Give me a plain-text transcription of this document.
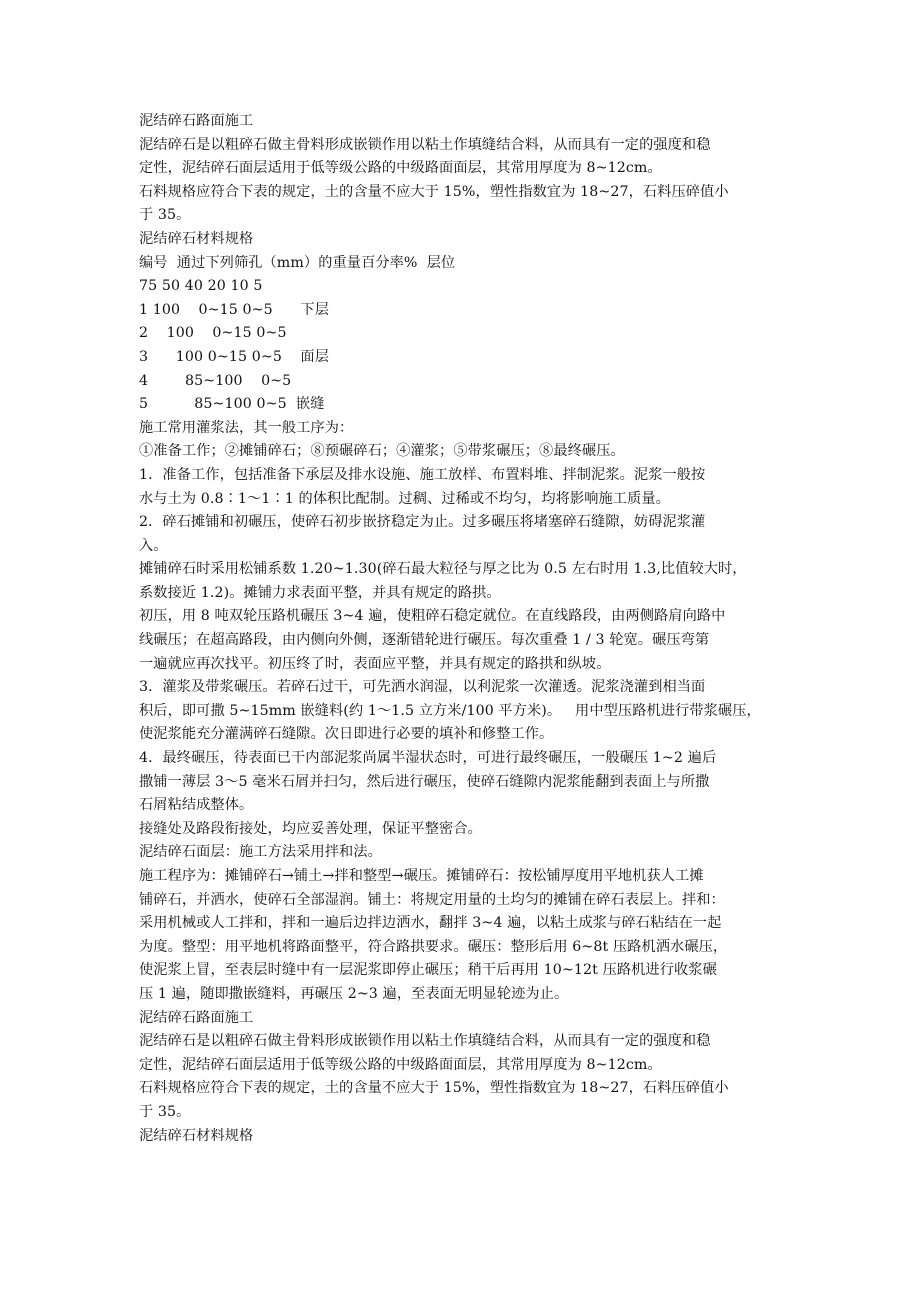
泥结碎石路面施工
泥结碎石是以粗碎石做主骨料形成嵌锁作用以粘土作填缝结合料，从而具有一定的强度和稳
定性，泥结碎石面层适用于低等级公路的中级路面面层，其常用厚度为 8~12cm。
石料规格应符合下表的规定，土的含量不应大于 15%，塑性指数宜为 18~27，石料压碎值小
于 35。
泥结碎石材料规格
编号  通过下列筛孔（mm）的重量百分率%  层位
75 50 40 20 10 5
1 100    0~15 0~5      下层
2    100    0~15 0~5
3      100 0~15 0~5    面层
4        85~100    0~5
5          85~100 0~5  嵌缝
施工常用灌浆法，其一般工序为：
①准备工作；②摊铺碎石；⑧预碾碎石；④灌浆；⑤带浆碾压；⑧最终碾压。
1．准备工作，包括准备下承层及排水设施、施工放样、布置料堆、拌制泥浆。泥浆一般按
水与土为 0.8∶1～1∶1 的体积比配制。过稠、过稀或不均匀，均将影响施工质量。
2．碎石摊铺和初碾压，使碎石初步嵌挤稳定为止。过多碾压将堵塞碎石缝隙，妨碍泥浆灌
入。
摊铺碎石时采用松铺系数 1.20~1.30(碎石最大粒径与厚之比为 0.5 左右时用 1.3,比值较大时，
系数接近 1.2)。摊铺力求表面平整，并具有规定的路拱。
初压，用 8 吨双轮压路机碾压 3~4 遍，使粗碎石稳定就位。在直线路段，由两侧路肩向路中
线碾压；在超高路段，由内侧向外侧，逐渐错轮进行碾压。每次重叠 1 / 3 轮宽。碾压弯第
一遍就应再次找平。初压终了时，表面应平整，并具有规定的路拱和纵坡。
3．灌浆及带浆碾压。若碎石过干，可先洒水润湿，以利泥浆一次灌透。泥浆浇灌到相当面
积后，即可撒 5~15mm 嵌缝料(约 1～1.5 立方米/100 平方米)。   用中型压路机进行带浆碾压，
使泥浆能充分灌满碎石缝隙。次日即进行必要的填补和修整工作。
4．最终碾压，待表面已干内部泥浆尚属半湿状态时，可进行最终碾压，一般碾压 1~2 遍后
撒铺一薄层 3～5 毫米石屑并扫匀，然后进行碾压，使碎石缝隙内泥浆能翻到表面上与所撒
石屑粘结成整体。
接缝处及路段衔接处，均应妥善处理，保证平整密合。
泥结碎石面层：施工方法采用拌和法。
施工程序为：摊铺碎石→铺土→拌和整型→碾压。摊铺碎石：按松铺厚度用平地机获人工摊
铺碎石，并洒水，使碎石全部湿润。铺土：将规定用量的土均匀的摊铺在碎石表层上。拌和：
采用机械或人工拌和，拌和一遍后边拌边洒水，翻拌 3~4 遍，以粘土成浆与碎石粘结在一起
为度。整型：用平地机将路面整平，符合路拱要求。碾压：整形后用 6~8t 压路机洒水碾压，
使泥浆上冒，至表层时缝中有一层泥浆即停止碾压；稍干后再用 10~12t 压路机进行收浆碾
压 1 遍，随即撒嵌缝料，再碾压 2~3 遍，至表面无明显轮迹为止。
泥结碎石路面施工
泥结碎石是以粗碎石做主骨料形成嵌锁作用以粘土作填缝结合料，从而具有一定的强度和稳
定性，泥结碎石面层适用于低等级公路的中级路面面层，其常用厚度为 8~12cm。
石料规格应符合下表的规定，土的含量不应大于 15%，塑性指数宜为 18~27，石料压碎值小
于 35。
泥结碎石材料规格
